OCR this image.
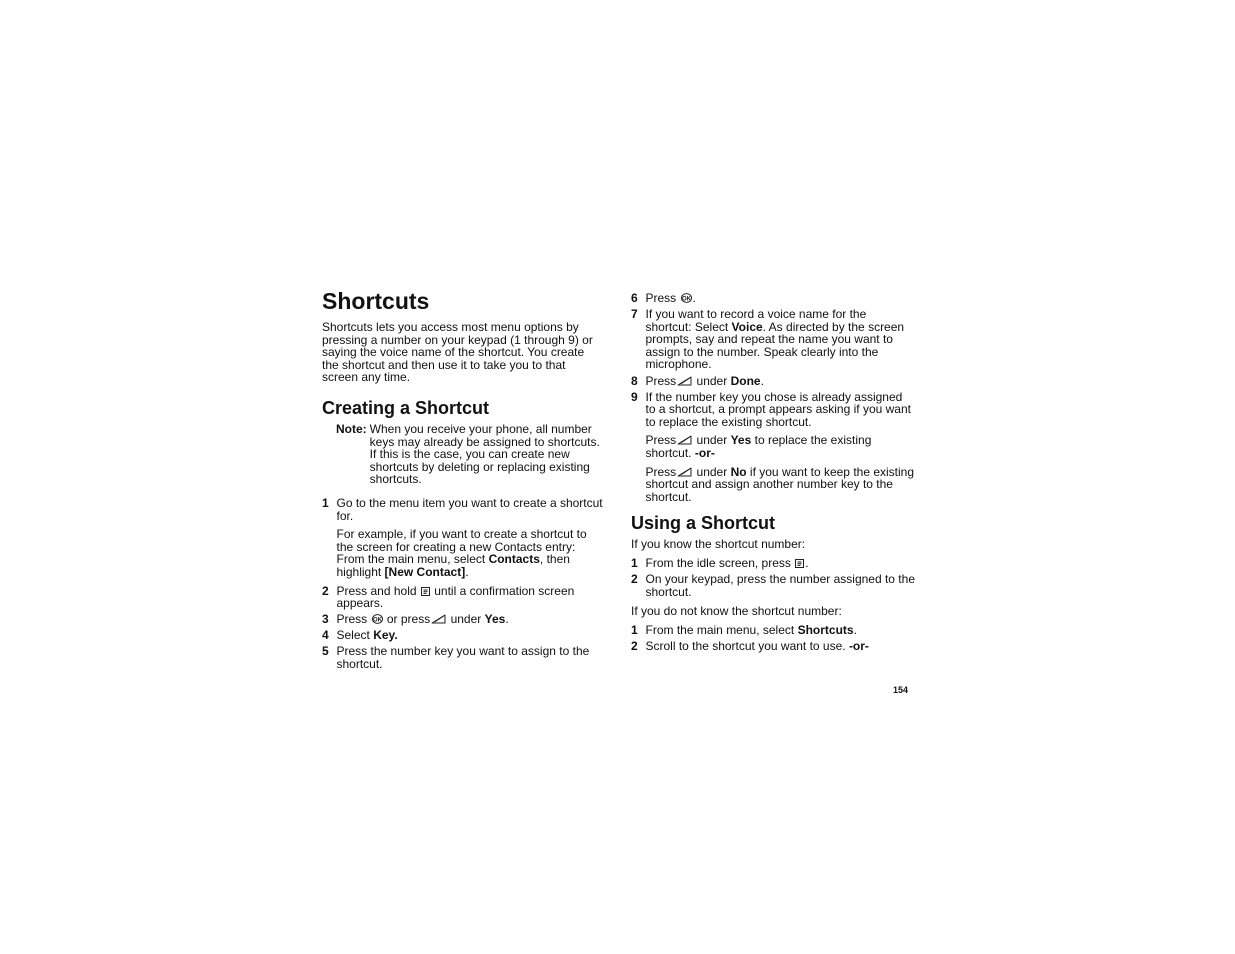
Shortcuts

Shortcuts lets you access most menu options by pressing a number on your keypad (1 through 9) or saying the voice name of the shortcut. You create the shortcut and then use it to take you to that screen any time.

Creating a Shortcut
Note: When you receive your phone, all number keys may already be assigned to shortcuts. If this is the case, you can create new shortcuts by deleting or replacing existing shortcuts.
1 Go to the menu item you want to create a shortcut for.

For example, if you want to create a shortcut to the screen for creating a new Contacts entry: From the main menu, select Contacts, then highlight [New Contact].

2 Press and hold until a confirmation screen appears.
3 Press OK or press under Yes.
4 Select Key.
5 Press the number key you want to assign to the shortcut.
6 Press OK .
7 If you want to record a voice name for the shortcut: Select Voice. As directed by the screen prompts, say and repeat the name you want to assign to the number. Speak clearly into the microphone.
8 Press under Done.
9 If the number key you chose is already assigned to a shortcut, a prompt appears asking if you want to replace the existing shortcut.

Press under Yes to replace the existing shortcut. -or-

Press under No if you want to keep the existing shortcut and assign another number key to the shortcut.

Using a Shortcut

If you know the shortcut number:

1 From the idle screen, press .
2 On your keypad, press the number assigned to the shortcut.

If you do not know the shortcut number:

1 From the main menu, select Shortcuts.
2 Scroll to the shortcut you want to use. -or-
154
